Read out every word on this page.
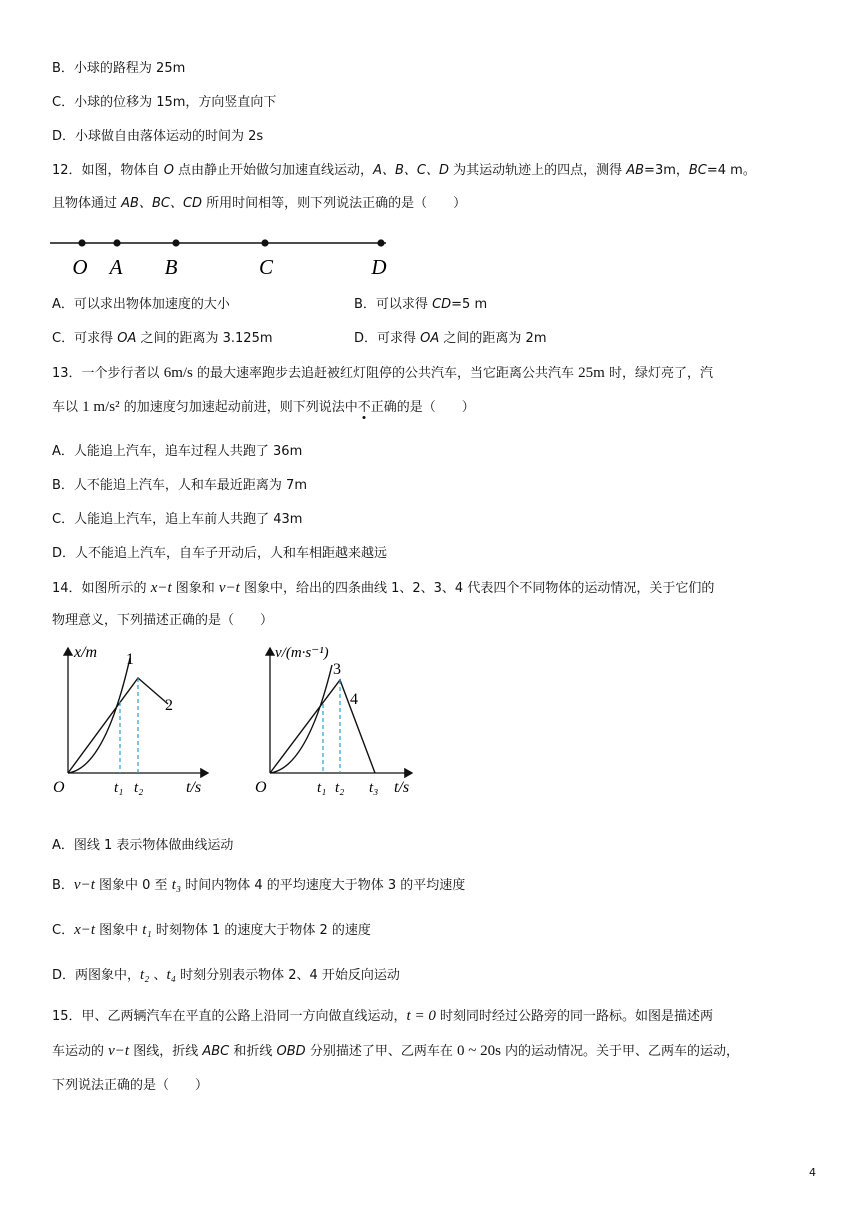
B．小球的路程为 25m
C．小球的位移为 15m，方向竖直向下
D．小球做自由落体运动的时间为 2s
12．如图，物体自 O 点由静止开始做匀加速直线运动，A、B、C、D 为其运动轨迹上的四点，测得 AB=3m，BC=4 m。
且物体通过 AB、BC、CD 所用时间相等，则下列说法正确的是（　　）
O A B	C	D
A．可以求出物体加速度的大小	B．可以求得 CD=5 m
C．可求得 OA 之间的距离为 3.125m	D．可求得 OA 之间的距离为 2m
13．一个步行者以 6m/s 的最大速率跑步去追赶被红灯阻停的公共汽车，当它距离公共汽车 25m 时，绿灯亮了，汽
车以 1 m/s² 的加速度匀加速起动前进，则下列说法中不正确的是（　　）
A．人能追上汽车，追车过程人共跑了 36m
B．人不能追上汽车，人和车最近距离为 7m
C．人能追上汽车，追上车前人共跑了 43m
D．人不能追上汽车，自车子开动后，人和车相距越来越远
14．如图所示的 x−t 图象和 v−t 图象中，给出的四条曲线 1、2、3、4 代表四个不同物体的运动情况，关于它们的
物理意义，下列描述正确的是（　　）
x/m
t/s
O
1
2
t₁ t₂
v/(m·s⁻¹)
t/s
O
3
4
t₁ t₂ t₃
A．图线 1 表示物体做曲线运动
B．v−t 图象中 0 至 t₃ 时间内物体 4 的平均速度大于物体 3 的平均速度
C．x−t 图象中 t₁ 时刻物体 1 的速度大于物体 2 的速度
D．两图象中，t₂ 、t₄ 时刻分别表示物体 2、4 开始反向运动
15．甲、乙两辆汽车在平直的公路上沿同一方向做直线运动，t = 0 时刻同时经过公路旁的同一路标。如图是描述两
车运动的 v−t 图线，折线 ABC 和折线 OBD 分别描述了甲、乙两车在 0 ~ 20s 内的运动情况。关于甲、乙两车的运动，
下列说法正确的是（　　）
4
